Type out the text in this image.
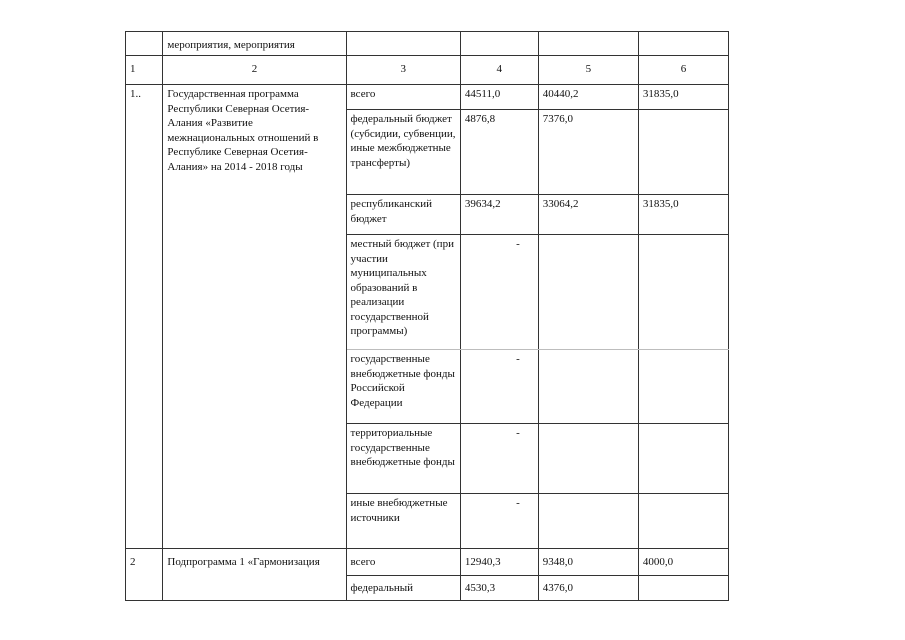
	мероприятия, мероприятия				
1	2	3	4	5	6
1..	Государственная программа Республики Северная Осетия-Алания «Развитие межнациональных отношений в Республике Северная Осетия-Алания» на 2014 - 2018 годы	всего	44511,0	40440,2	31835,0
		федеральный бюджет (субсидии, субвенции, иные межбюджетные трансферты)	4876,8	7376,0	
		республиканский бюджет	39634,2	33064,2	31835,0
		местный бюджет (при участии муниципальных образований в реализации государственной программы)	-		
		государственные внебюджетные фонды Российской Федерации	-		
		территориальные государственные внебюджетные фонды	-		
		иные внебюджетные источники	-		
2	Подпрограмма 1 «Гармонизация	всего	12940,3	9348,0	4000,0
		федеральный	4530,3	4376,0	
